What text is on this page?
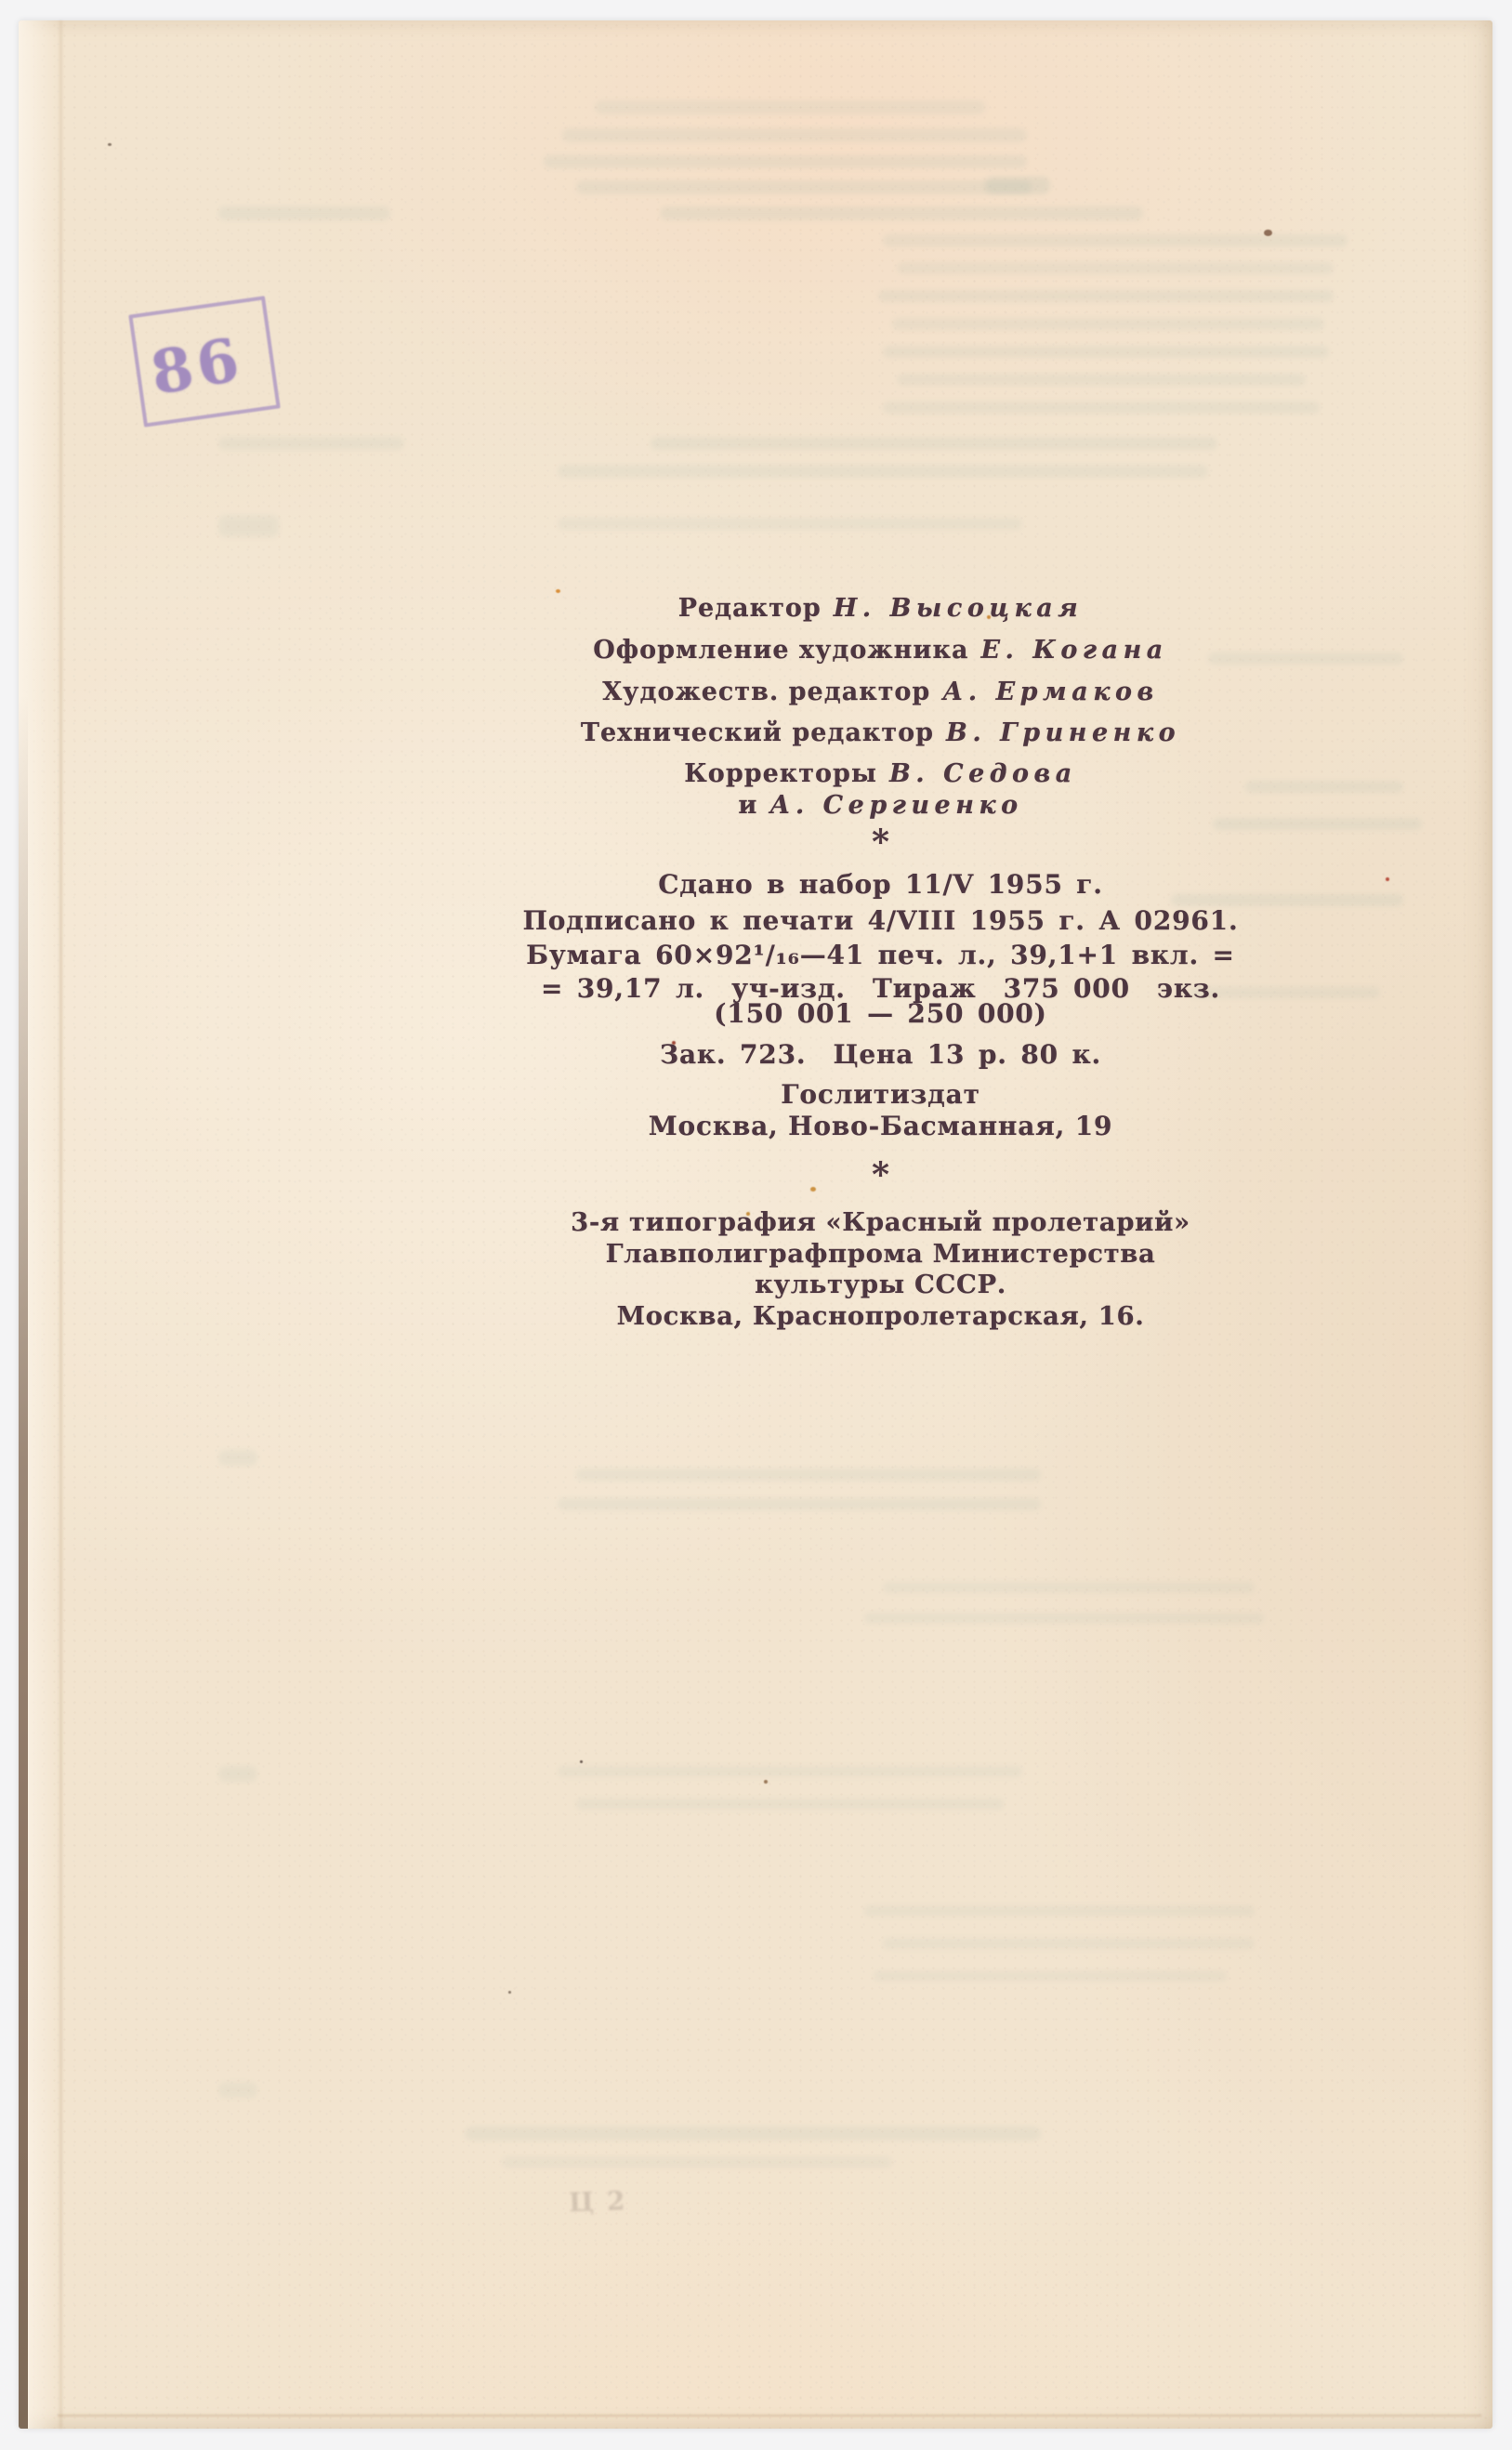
86
Редактор Н. Высоцкая
Оформление художника Е. Когана
Художеств. редактор А. Ермаков
Технический редактор В. Гриненко
Корректоры В. Седова
и А. Сергиенко
*
Сдано в набор 11/V 1955 г.
Подписано к печати 4/VIII 1955 г. А 02961.
Бумага 60×92¹/₁₆—41 печ. л., 39,1+1 вкл. =
= 39,17 л.  уч-изд.  Тираж  375 000  экз.
(150 001 — 250 000)
Зак. 723.  Цена 13 р. 80 к.
Гослитиздат
Москва, Ново-Басманная, 19
*
3-я типография «Красный пролетарий»
Главполиграфпрома Министерства
культуры СССР.
Москва, Краснопролетарская, 16.
Ц2
